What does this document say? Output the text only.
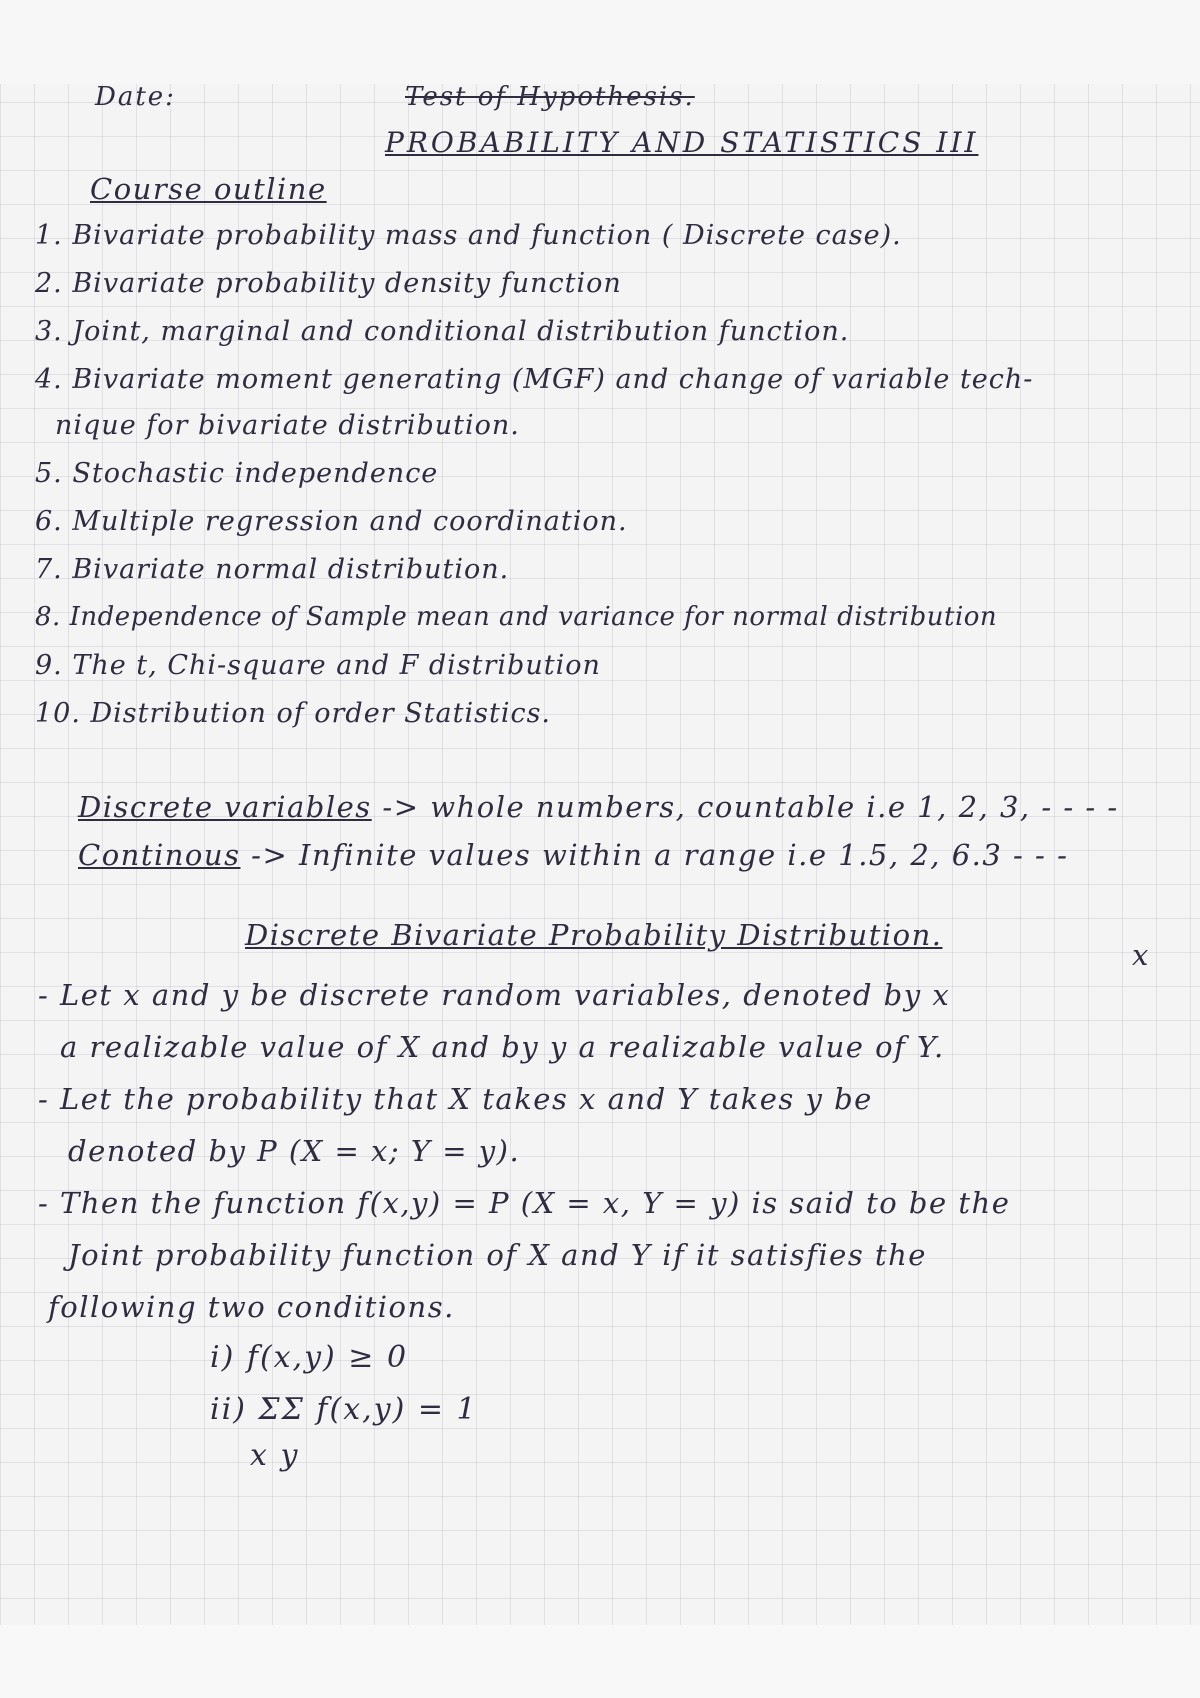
Date:	Test of Hypothesis.
PROBABILITY AND STATISTICS III
Course outline
1. Bivariate probability mass and function ( Discrete case).
2. Bivariate probability density function
3. Joint, marginal and conditional distribution function.
4. Bivariate moment generating (MGF) and change of variable tech-
nique for bivariate distribution.
5. Stochastic independence
6. Multiple regression and coordination.
7. Bivariate normal distribution.
8. Independence of Sample mean and variance for normal distribution
9. The t, Chi-square and F distribution
10. Distribution of order Statistics.
Discrete variables -> whole numbers, countable i.e 1, 2, 3, - - - -
Continous -> Infinite values within a range i.e 1.5, 2, 6.3 - - -
Discrete Bivariate Probability Distribution.
x
- Let x and y be discrete random variables, denoted by x
a realizable value of X and by y a realizable value of Y.
- Let the probability that X takes x and Y takes y be
denoted by P (X = x; Y = y).
- Then the function f(x,y) = P (X = x, Y = y) is said to be the
Joint probability function of X and Y if it satisfies the
following two conditions.
i) f(x,y) ≥ 0
ii) ΣΣ f(x,y) = 1
x y
